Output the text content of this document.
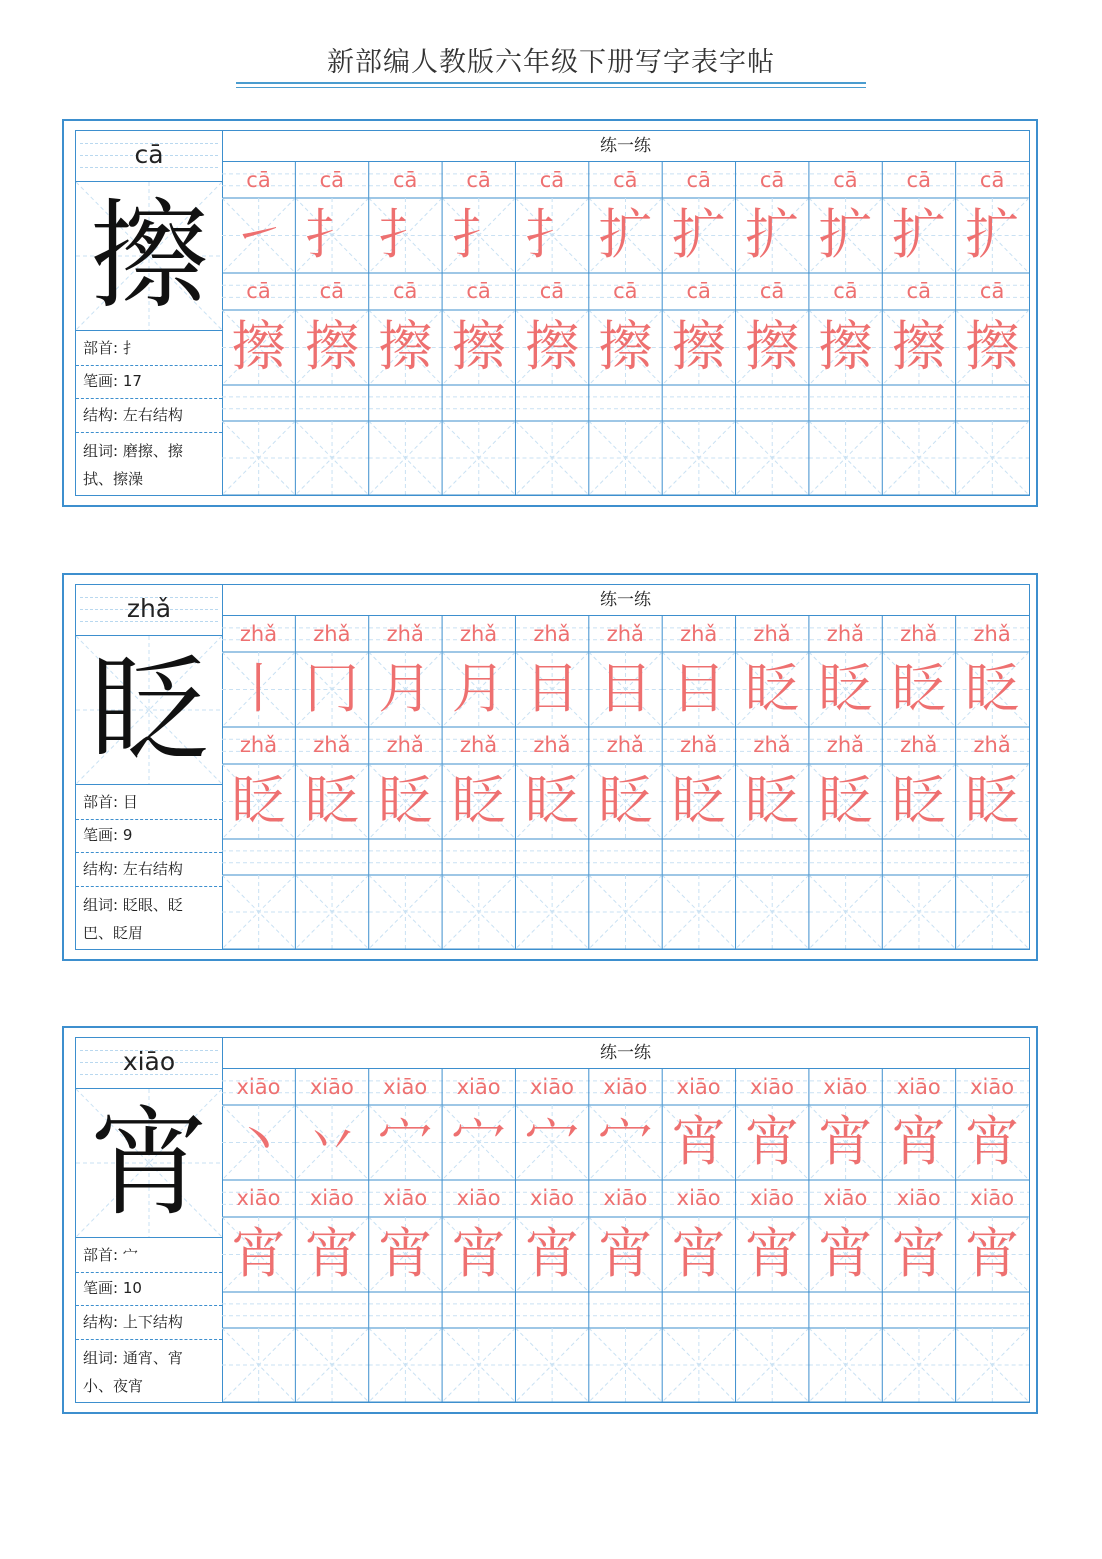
新部编人教版六年级下册写字表字帖
cā
擦
部首: 扌
笔画: 17
结构: 左右结构
组词: 磨擦、擦
拭、擦澡
练一练
cā	cā	cā	cā	cā	cā	cā	cā	cā	cā	cā
cā	cā	cā	cā	cā	cā	cā	cā	cā	cā	cā
㇀ 扌 扌 扌 扌 扩 扩 扩 扩 扩 扩
擦 擦 擦 擦 擦 擦 擦 擦 擦 擦 擦
zhǎ
眨
部首: 目
笔画: 9
结构: 左右结构
组词: 眨眼、眨
巴、眨眉
练一练
zhǎ	zhǎ	zhǎ	zhǎ	zhǎ	zhǎ	zhǎ	zhǎ	zhǎ	zhǎ	zhǎ
zhǎ	zhǎ	zhǎ	zhǎ	zhǎ	zhǎ	zhǎ	zhǎ	zhǎ	zhǎ	zhǎ
丨 冂 月 月 目 目 目 眨 眨 眨 眨
眨 眨 眨 眨 眨 眨 眨 眨 眨 眨 眨
xiāo
宵
部首: 宀
笔画: 10
结构: 上下结构
组词: 通宵、宵
小、夜宵
练一练
xiāo	xiāo	xiāo	xiāo	xiāo	xiāo	xiāo	xiāo	xiāo	xiāo	xiāo
xiāo	xiāo	xiāo	xiāo	xiāo	xiāo	xiāo	xiāo	xiāo	xiāo	xiāo
丶 丷 宀 宀 宀 宀 宵 宵 宵 宵 宵
宵 宵 宵 宵 宵 宵 宵 宵 宵 宵 宵
